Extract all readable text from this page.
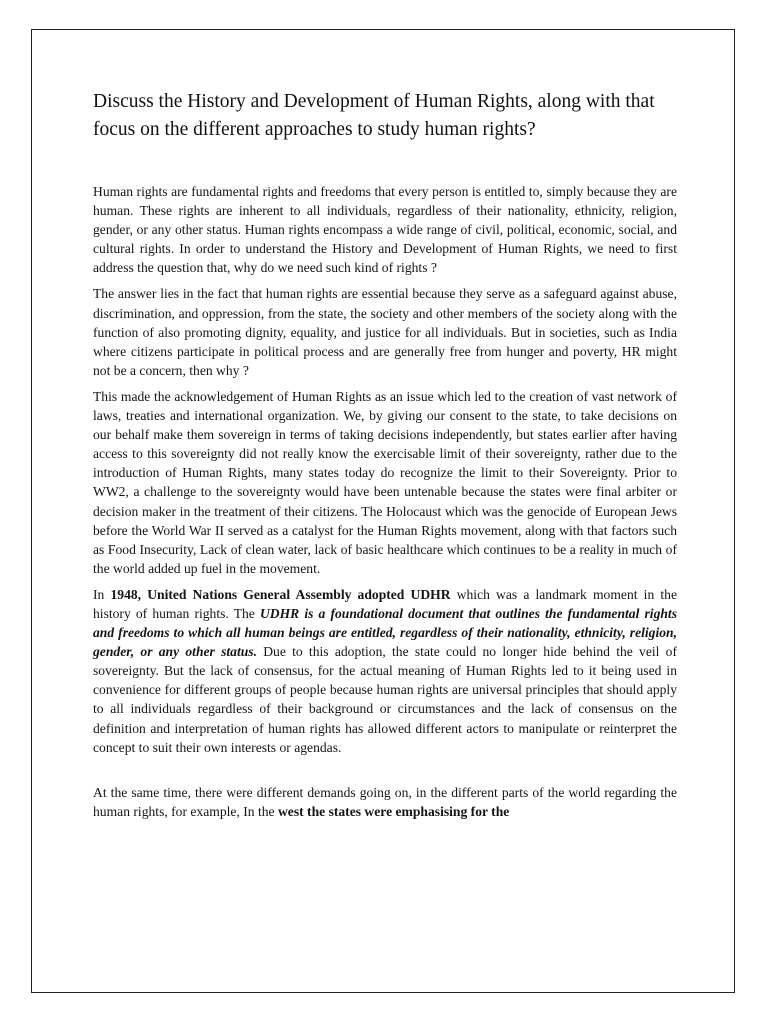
Discuss the History and Development of Human Rights, along with that focus on the different approaches to study human rights?

Human rights are fundamental rights and freedoms that every person is entitled to, simply because they are human. These rights are inherent to all individuals, regardless of their nationality, ethnicity, religion, gender, or any other status. Human rights encompass a wide range of civil, political, economic, social, and cultural rights. In order to understand the History and Development of Human Rights, we need to first address the question that, why do we need such kind of rights ?

The answer lies in the fact that human rights are essential because they serve as a safeguard against abuse, discrimination, and oppression, from the state, the society and other members of the society along with the function of also promoting dignity, equality, and justice for all individuals. But in societies, such as India where citizens participate in political process and are generally free from hunger and poverty, HR might not be a concern, then why ?

This made the acknowledgement of Human Rights as an issue which led to the creation of vast network of laws, treaties and international organization. We, by giving our consent to the state, to take decisions on our behalf make them sovereign in terms of taking decisions independently, but states earlier after having access to this sovereignty did not really know the exercisable limit of their sovereignty, rather due to the introduction of Human Rights, many states today do recognize the limit to their Sovereignty. Prior to WW2, a challenge to the sovereignty would have been untenable because the states were final arbiter or decision maker in the treatment of their citizens. The Holocaust which was the genocide of European Jews before the World War II served as a catalyst for the Human Rights movement, along with that factors such as Food Insecurity, Lack of clean water, lack of basic healthcare which continues to be a reality in much of the world added up fuel in the movement.

In 1948, United Nations General Assembly adopted UDHR which was a landmark moment in the history of human rights. The UDHR is a foundational document that outlines the fundamental rights and freedoms to which all human beings are entitled, regardless of their nationality, ethnicity, religion, gender, or any other status. Due to this adoption, the state could no longer hide behind the veil of sovereignty. But the lack of consensus, for the actual meaning of Human Rights led to it being used in convenience for different groups of people because human rights are universal principles that should apply to all individuals regardless of their background or circumstances and the lack of consensus on the definition and interpretation of human rights has allowed different actors to manipulate or reinterpret the concept to suit their own interests or agendas.

At the same time, there were different demands going on, in the different parts of the world regarding the human rights, for example, In the west the states were emphasising for the
